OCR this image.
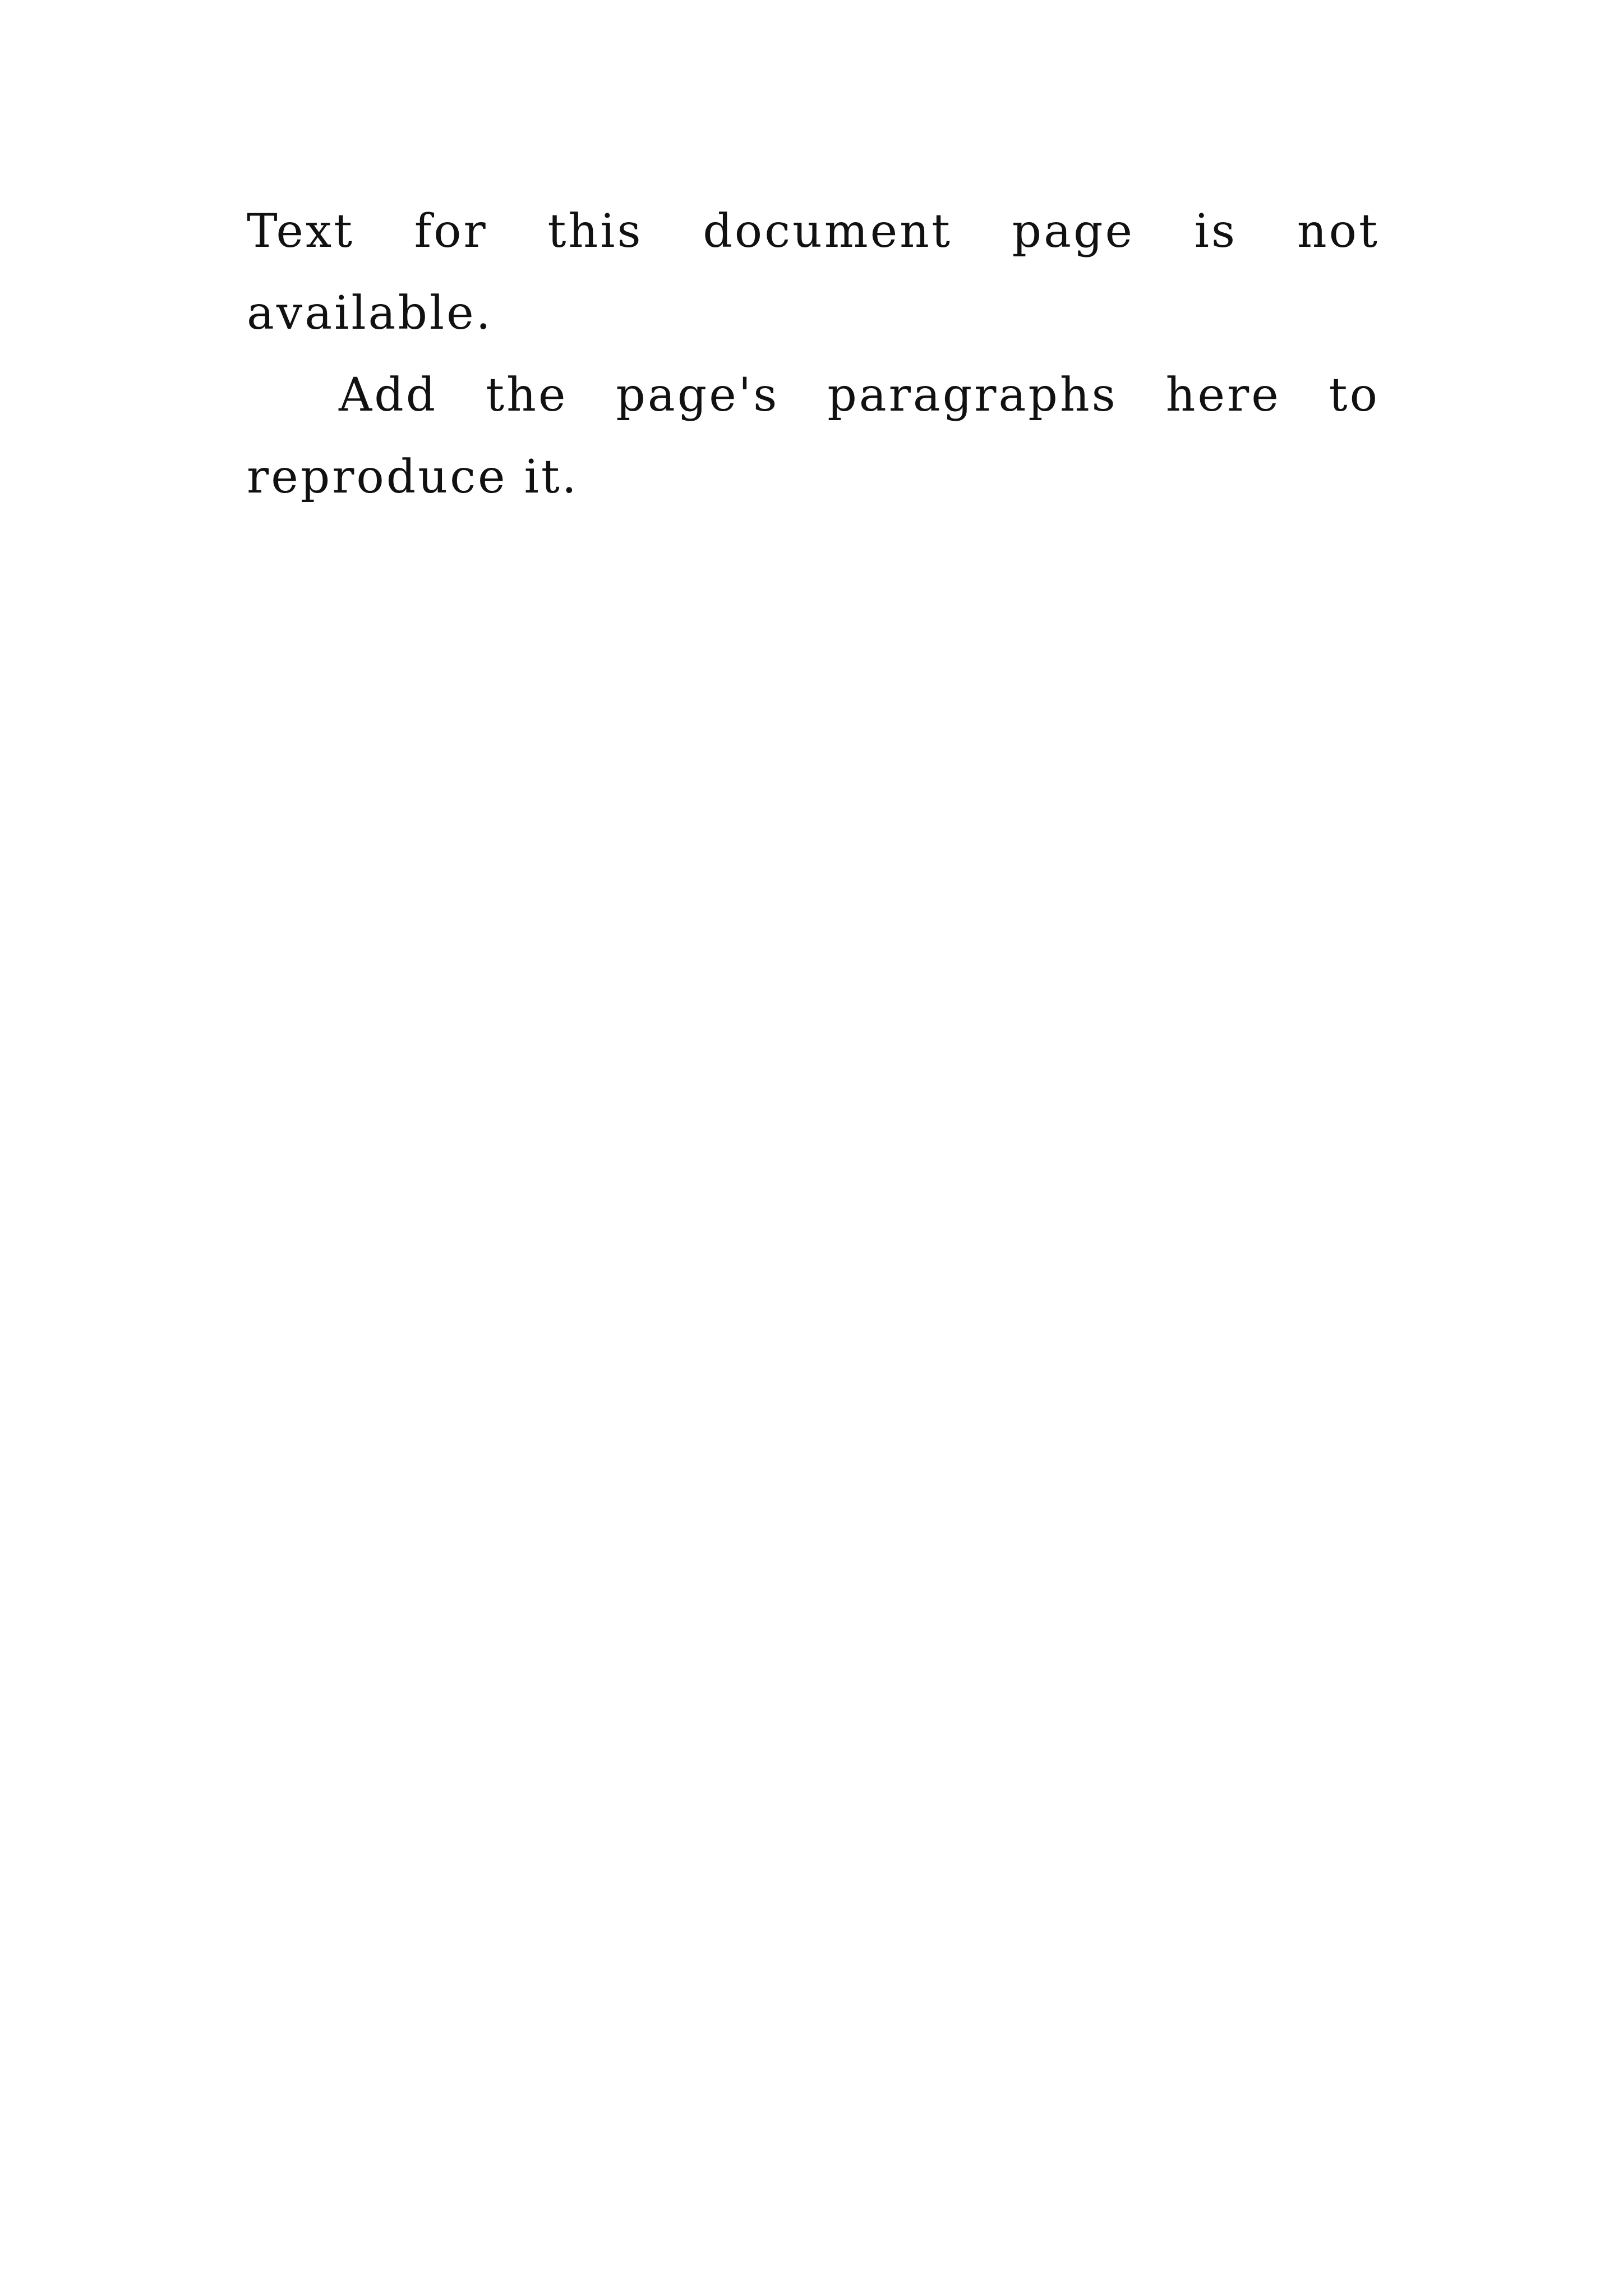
Text for this document page is not available.

Add the page's paragraphs here to reproduce it.
